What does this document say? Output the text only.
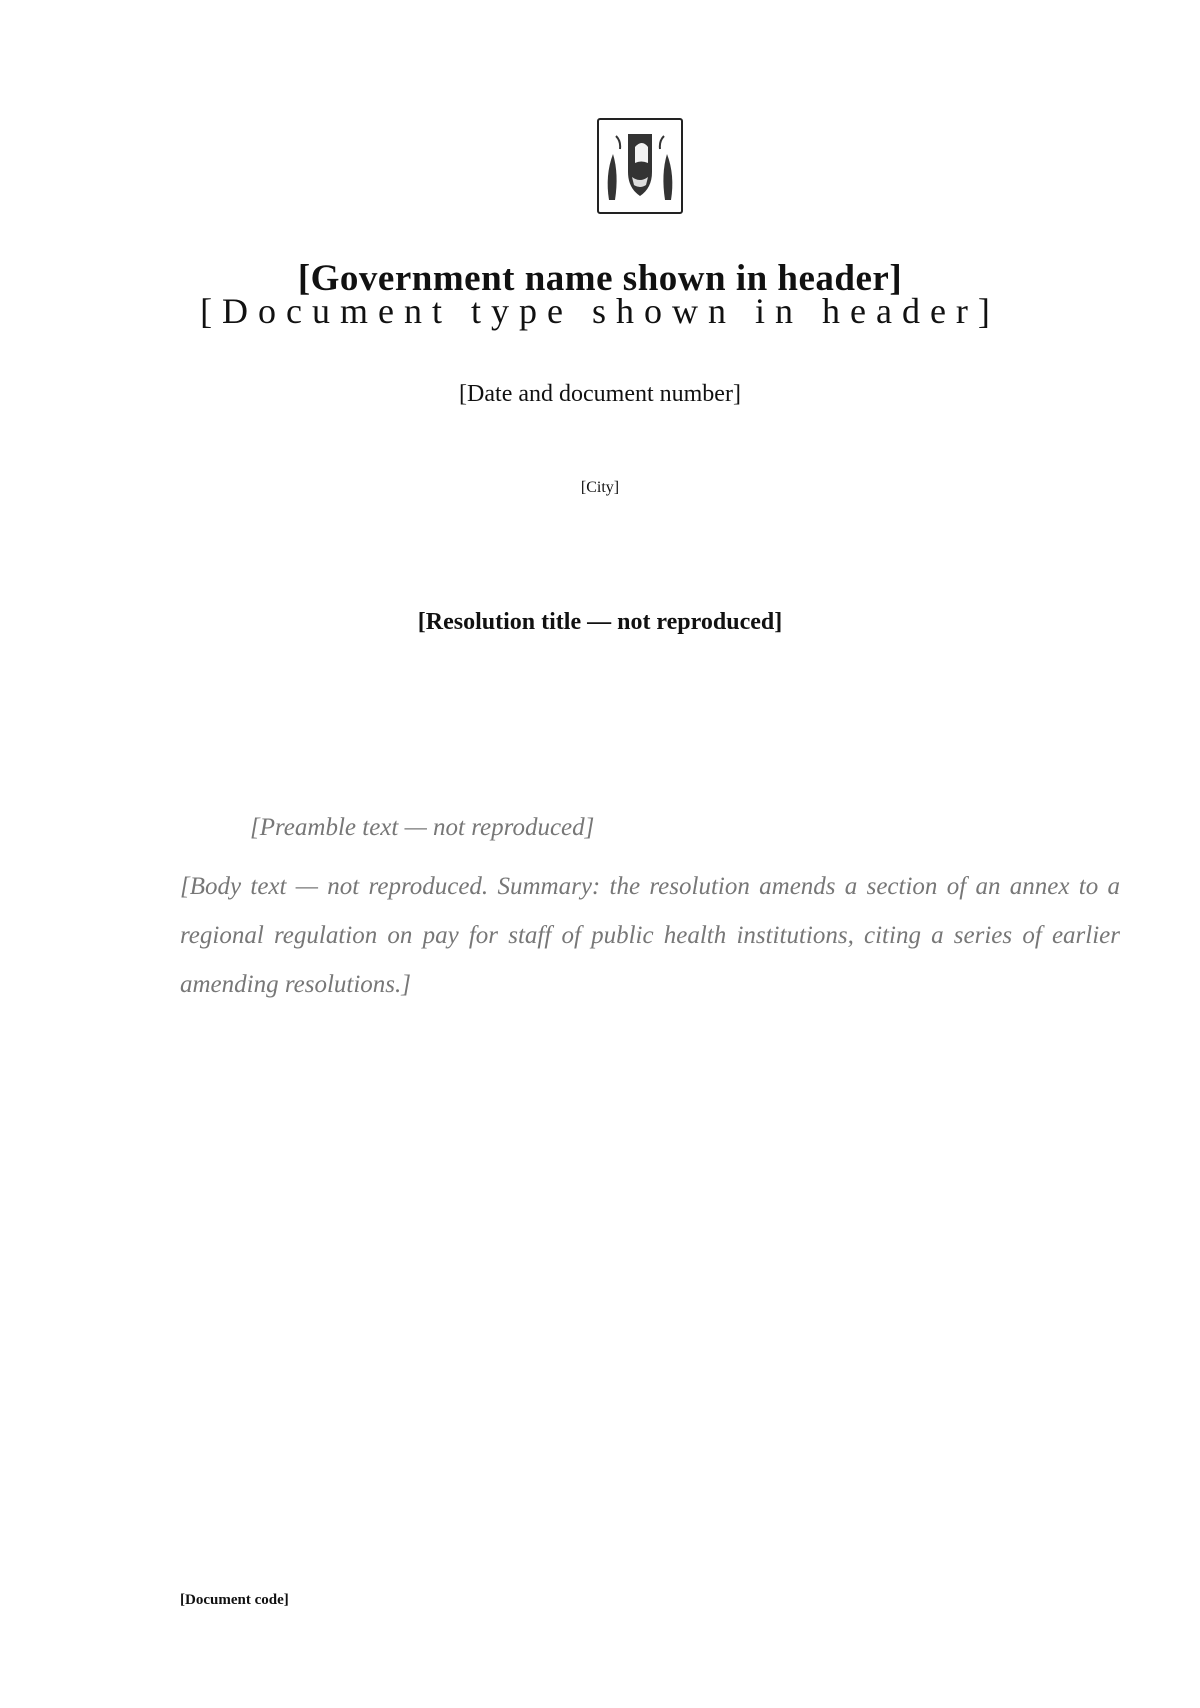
[Government name shown in header]
[Document type shown in header]
[Date and document number]
[City]
[Resolution title — not reproduced]
[Preamble text — not reproduced]
[Body text — not reproduced. Summary: the resolution amends a section of an annex to a regional regulation on pay for staff of public health institutions, citing a series of earlier amending resolutions.]
[Document code]
